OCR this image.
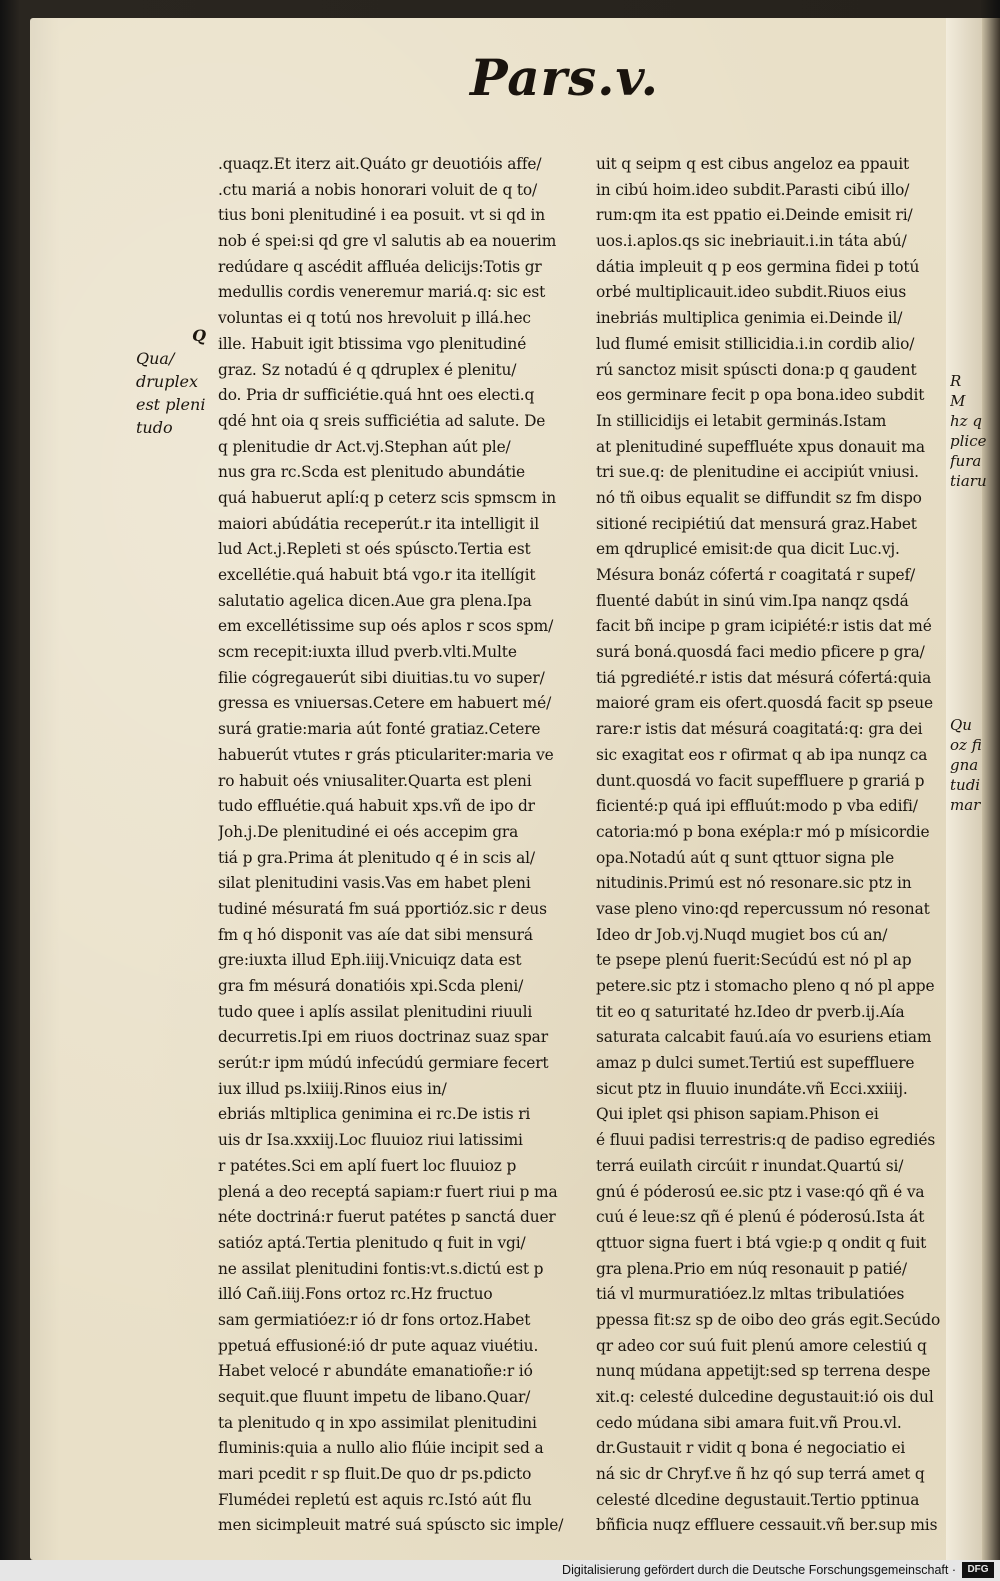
Pars.v.
Q
Qua/
druplex
est pleni
tudo
R
M
hz q
plice
fura
tiaru
Qu
oz fi
gna
tudi
mar
.quaqz.Et iterz ait.Quáto gr deuotióis affe/
.ctu mariá a nobis honorari voluit de q to/
tius boni plenitudiné i ea posuit. vt si qd in
nob é spei:si qd gre vl salutis ab ea nouerim
redúdare q ascédit affluéa delicijs:Totis gr
medullis cordis veneremur mariá.q: sic est
voluntas ei q totú nos hrevoluit p illá.hec
ille. Habuit igit btissima vgo plenitudiné
graz. Sz notadú é q qdruplex é plenitu/
do. Pria dr sufficiétie.quá hnt oes electi.q
qdé hnt oia q sreis sufficiétia ad salute. De
q plenitudie dr Act.vj.Stephan aút ple/
nus gra rc.Scda est plenitudo abundátie
quá habuerut aplí:q p ceterz scis spmscm in
maiori abúdátia receperút.r ita intelligit il
lud Act.j.Repleti st oés spúscto.Tertia est
excellétie.quá habuit btá vgo.r ita itellígit
salutatio agelica dicen.Aue gra plena.Ipa
em excellétissime sup oés aplos r scos spm/
scm recepit:iuxta illud pverb.vlti.Multe
filie cógregauerút sibi diuitias.tu vo super/
gressa es vniuersas.Cetere em habuert mé/
surá gratie:maria aút fonté gratiaz.Cetere
habuerút vtutes r grás pticulariter:maria ve
ro habuit oés vniusaliter.Quarta est pleni
tudo effluétie.quá habuit xps.vñ de ipo dr
Joh.j.De plenitudiné ei oés accepim gra
tiá p gra.Prima át plenitudo q é in scis al/
silat plenitudini vasis.Vas em habet pleni
tudiné mésuratá fm suá pportióz.sic r deus
fm q hó disponit vas aíe dat sibi mensurá
gre:iuxta illud Eph.iiij.Vnicuiqz data est
gra fm mésurá donatióis xpi.Scda pleni/
tudo quee i aplís assilat plenitudini riuuli
decurretis.Ipi em riuos doctrinaz suaz spar
serút:r ipm múdú infecúdú germiare fecert
iux illud ps.lxiiij.Rinos eius in/
ebriás mltiplica genimina ei rc.De istis ri
uis dr Isa.xxxiij.Loc fluuioz riui latissimi
r patétes.Sci em aplí fuert loc fluuioz p
plená a deo receptá sapiam:r fuert riui p ma
néte doctriná:r fuerut patétes p sanctá duer
satióz aptá.Tertia plenitudo q fuit in vgi/
ne assilat plenitudini fontis:vt.s.dictú est p
illó Cañ.iiij.Fons ortoz rc.Hz fructuo
sam germiatióez:r ió dr fons ortoz.Habet
ppetuá effusioné:ió dr pute aquaz viuétiu.
Habet velocé r abundáte emanatioñe:r ió
sequit.que fluunt impetu de libano.Quar/
ta plenitudo q in xpo assimilat plenitudini
fluminis:quia a nullo alio flúie incipit sed a
mari pcedit r sp fluit.De quo dr ps.pdicto
Flumédei repletú est aquis rc.Istó aút flu
men sicimpleuit matré suá spúscto sic imple/
uit q seipm q est cibus angeloz ea ppauit
in cibú hoim.ideo subdit.Parasti cibú illo/
rum:qm ita est ppatio ei.Deinde emisit ri/
uos.i.aplos.qs sic inebriauit.i.in táta abú/
dátia impleuit q p eos germina fidei p totú
orbé multiplicauit.ideo subdit.Riuos eius
inebriás multiplica genimia ei.Deinde il/
lud flumé emisit stillicidia.i.in cordib alio/
rú sanctoz misit spúscti dona:p q gaudent
eos germinare fecit p opa bona.ideo subdit
In stillicidijs ei letabit germinás.Istam
at plenitudiné supeffluéte xpus donauit ma
tri sue.q: de plenitudine ei accipiút vniusi.
nó tñ oibus equalit se diffundit sz fm dispo
sitioné recipiétiú dat mensurá graz.Habet
em qdruplicé emisit:de qua dicit Luc.vj.
Mésura bonáz cófertá r coagitatá r supef/
fluenté dabút in sinú vim.Ipa nanqz qsdá
facit bñ incipe p gram icipiété:r istis dat mé
surá boná.quosdá faci medio pficere p gra/
tiá pgrediété.r istis dat mésurá cófertá:quia
maioré gram eis ofert.quosdá facit sp pseue
rare:r istis dat mésurá coagitatá:q: gra dei
sic exagitat eos r ofirmat q ab ipa nunqz ca
dunt.quosdá vo facit supeffluere p grariá p
ficienté:p quá ipi effluút:modo p vba edifi/
catoria:mó p bona exépla:r mó p mísicordie
opa.Notadú aút q sunt qttuor signa ple
nitudinis.Primú est nó resonare.sic ptz in
vase pleno vino:qd repercussum nó resonat
Ideo dr Job.vj.Nuqd mugiet bos cú an/
te psepe plenú fuerit:Secúdú est nó pl ap
petere.sic ptz i stomacho pleno q nó pl appe
tit eo q saturitaté hz.Ideo dr pverb.ij.Aía
saturata calcabit fauú.aía vo esuriens etiam
amaz p dulci sumet.Tertiú est supeffluere
sicut ptz in fluuio inundáte.vñ Ecci.xxiiij.
Qui iplet qsi phison sapiam.Phison ei
é fluui padisi terrestris:q de padiso egrediés
terrá euilath circúit r inundat.Quartú si/
gnú é póderosú ee.sic ptz i vase:qó qñ é va
cuú é leue:sz qñ é plenú é póderosú.Ista át
qttuor signa fuert i btá vgie:p q ondit q fuit
gra plena.Prio em núq resonauit p patié/
tiá vl murmuratióez.lz mltas tribulatióes
ppessa fit:sz sp de oibo deo grás egit.Secúdo
qr adeo cor suú fuit plenú amore celestiú q
nunq múdana appetijt:sed sp terrena despe
xit.q: celesté dulcedine degustauit:ió ois dul
cedo múdana sibi amara fuit.vñ Prou.vl.
dr.Gustauit r vidit q bona é negociatio ei
ná sic dr Chryf.ve ñ hz qó sup terrá amet q
celesté dlcedine degustauit.Tertio pptinua
bñficia nuqz effluere cessauit.vñ ber.sup mis
Digitalisierung gefördert durch die Deutsche Forschungsgemeinschaft ·	DFG
